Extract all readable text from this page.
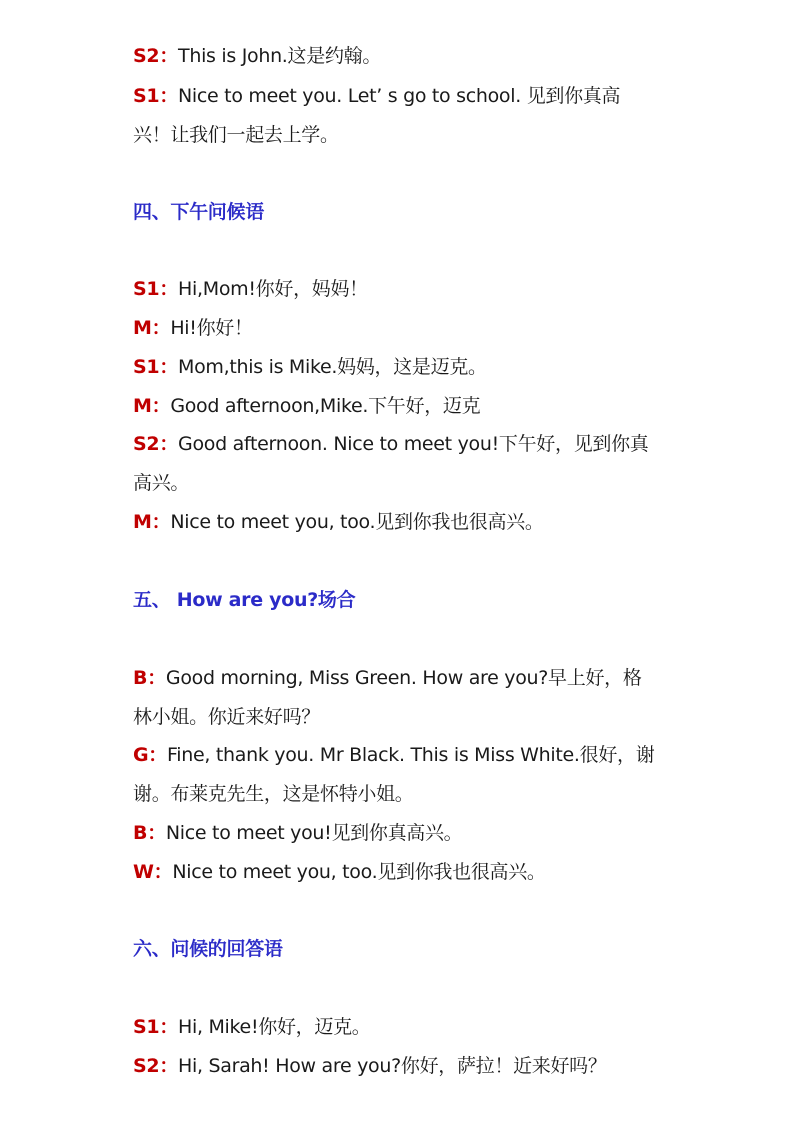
S2：This is John.这是约翰。
S1：Nice to meet you. Let’ s go to school. 见到你真高
兴！让我们一起去上学。
四、下午问候语
S1：Hi,Mom!你好，妈妈！
M：Hi!你好！
S1：Mom,this is Mike.妈妈，这是迈克。
M：Good afternoon,Mike.下午好，迈克
S2：Good afternoon. Nice to meet you!下午好，见到你真
高兴。
M：Nice to meet you, too.见到你我也很高兴。
五、 How are you?场合
B：Good morning, Miss Green. How are you?早上好，格
林小姐。你近来好吗？
G：Fine, thank you. Mr Black. This is Miss White.很好，谢
谢。布莱克先生，这是怀特小姐。
B：Nice to meet you!见到你真高兴。
W：Nice to meet you, too.见到你我也很高兴。
六、问候的回答语
S1：Hi, Mike!你好，迈克。
S2：Hi, Sarah! How are you?你好，萨拉！近来好吗？
